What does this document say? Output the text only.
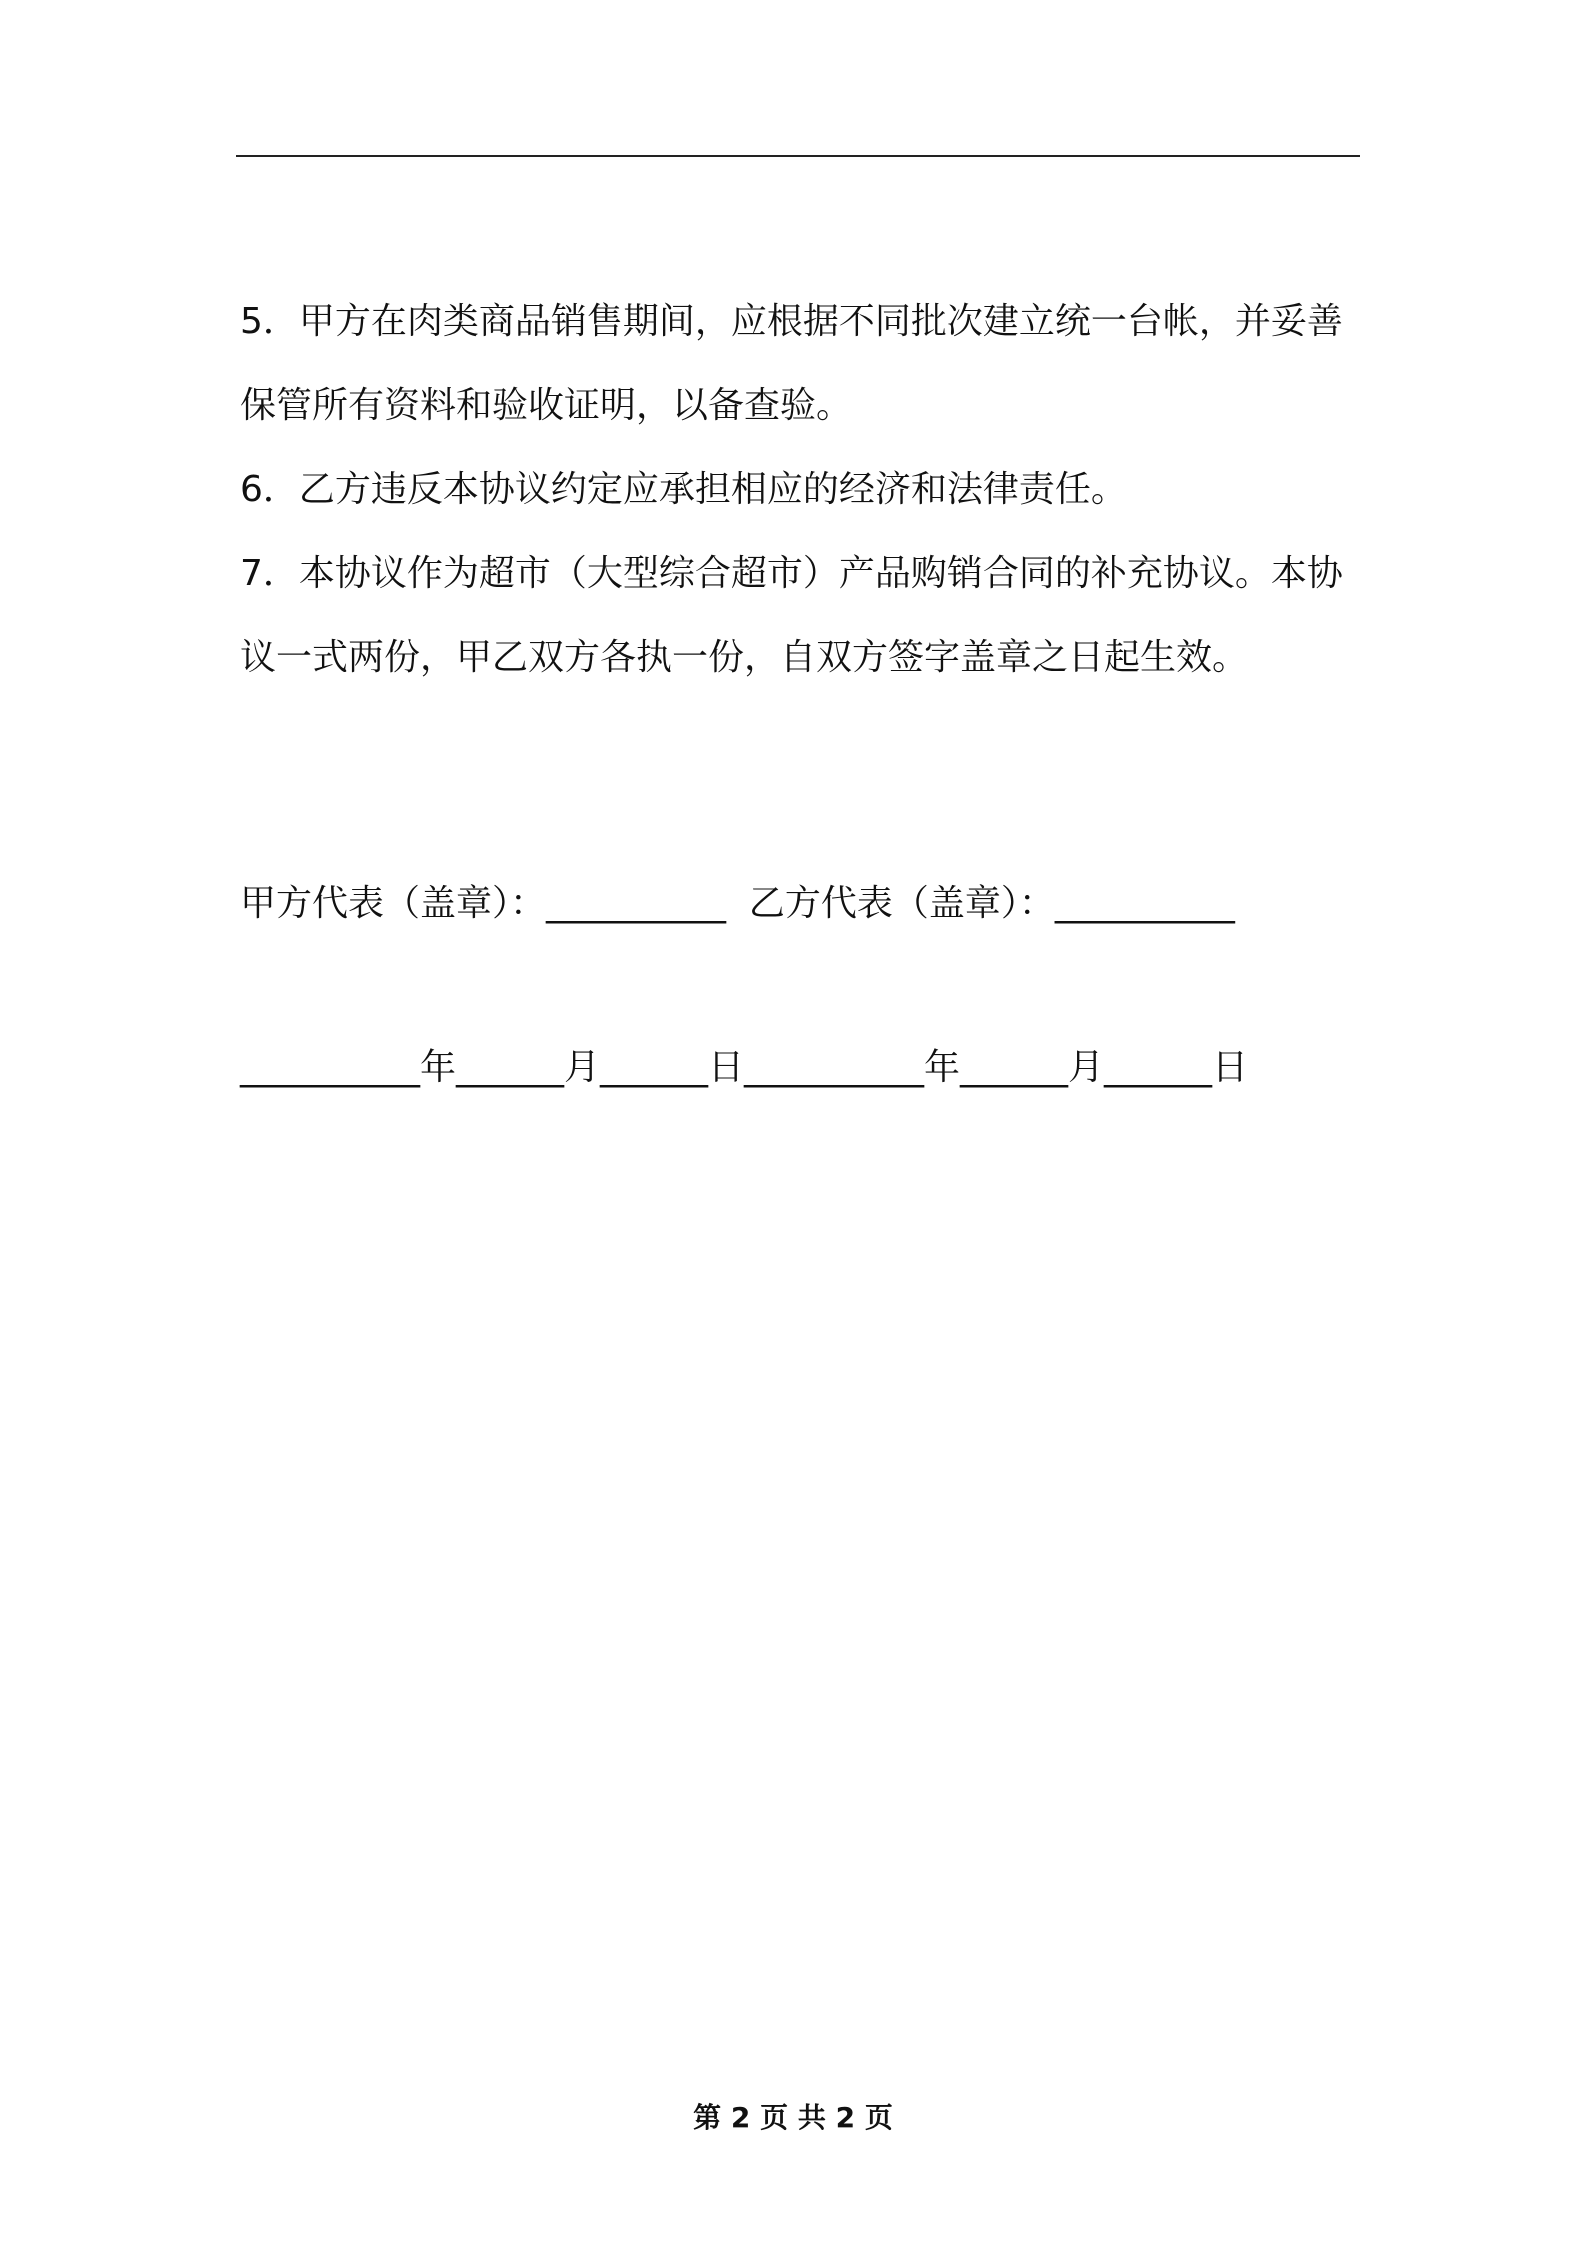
5．甲方在肉类商品销售期间，应根据不同批次建立统一台帐，并妥善保管所有资料和验收证明，以备查验。

6．乙方违反本协议约定应承担相应的经济和法律责任。

7．本协议作为超市（大型综合超市）产品购销合同的补充协议。本协议一式两份，甲乙双方各执一份，自双方签字盖章之日起生效。

甲方代表（盖章）：__________  乙方代表（盖章）：__________
__________年______月______日__________年______月______日
第 2 页 共 2 页
